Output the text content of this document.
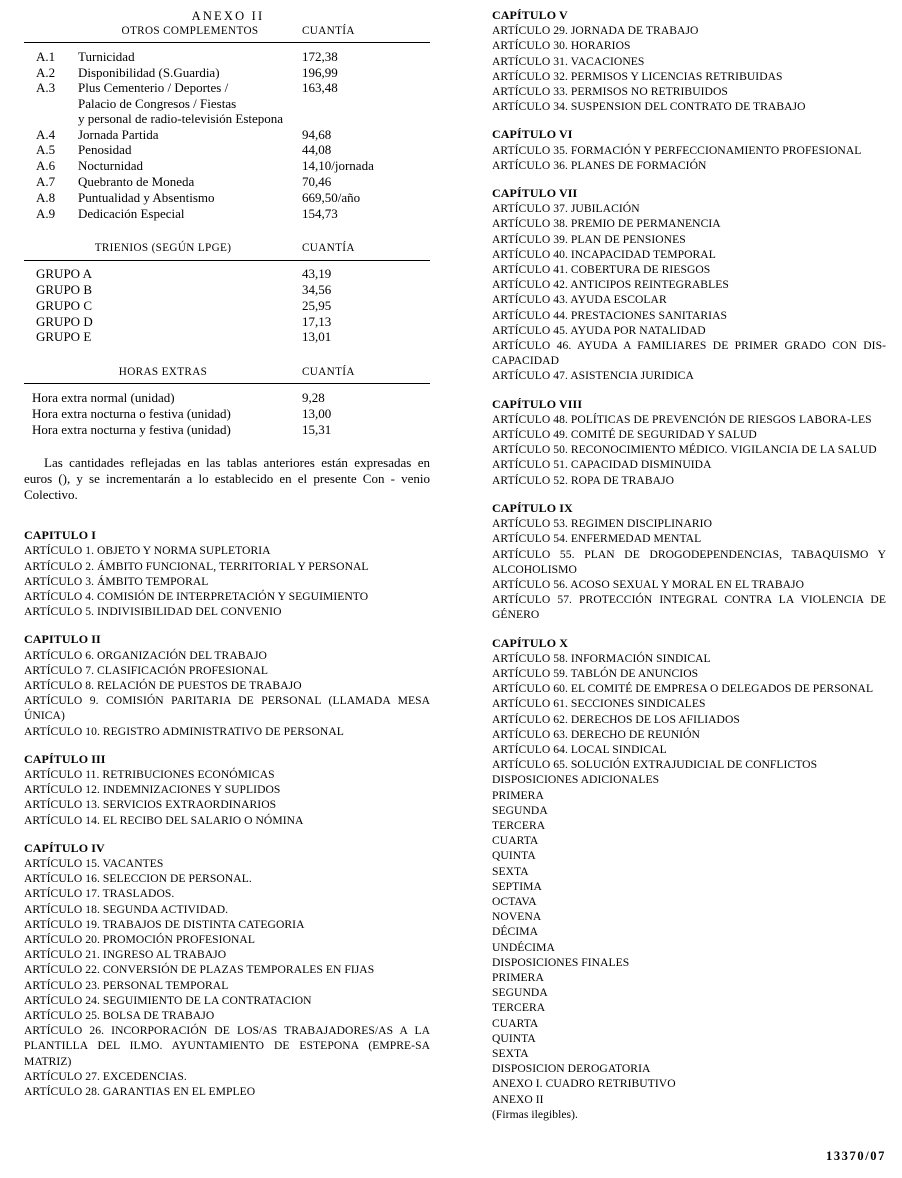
ANEXO II
	OTROS COMPLEMENTOS	CUANTÍA

A.1	Turnicidad	172,38
A.2	Disponibilidad (S.Guardia)	196,99
A.3	Plus Cementerio / Deportes /
Palacio de Congresos / Fiestas
y personal de radio-televisión Estepona	163,48
A.4	Jornada Partida	94,68
A.5	Penosidad	44,08
A.6	Nocturnidad	14,10/jornada
A.7	Quebranto de Moneda	70,46
A.8	Puntualidad y Absentismo	669,50/año
A.9	Dedicación Especial	154,73
TRIENIOS (SEGÚN LPGE)	CUANTÍA

GRUPO A	43,19
GRUPO B	34,56
GRUPO C	25,95
GRUPO D	17,13
GRUPO E	13,01
HORAS EXTRAS	CUANTÍA

Hora extra normal (unidad)	9,28
Hora extra nocturna o festiva (unidad)	13,00
Hora extra nocturna y festiva (unidad)	15,31

Las cantidades reflejadas en las tablas anteriores están expresadas en euros (), y se incrementarán a lo establecido en el presente Con - venio Colectivo.

CAPITULO I
ARTÍCULO 1. OBJETO Y NORMA SUPLETORIA
ARTÍCULO 2. ÁMBITO FUNCIONAL, TERRITORIAL Y PERSONAL
ARTÍCULO 3. ÁMBITO TEMPORAL
ARTÍCULO 4. COMISIÓN DE INTERPRETACIÓN Y SEGUIMIENTO
ARTÍCULO 5. INDIVISIBILIDAD DEL CONVENIO
CAPITULO II
ARTÍCULO 6. ORGANIZACIÓN DEL TRABAJO
ARTÍCULO 7. CLASIFICACIÓN PROFESIONAL
ARTÍCULO 8. RELACIÓN DE PUESTOS DE TRABAJO
ARTÍCULO 9. COMISIÓN PARITARIA DE PERSONAL (LLAMADA MESA ÚNICA)
ARTÍCULO 10. REGISTRO ADMINISTRATIVO DE PERSONAL
CAPÍTULO III
ARTÍCULO 11. RETRIBUCIONES ECONÓMICAS
ARTÍCULO 12. INDEMNIZACIONES Y SUPLIDOS
ARTÍCULO 13. SERVICIOS EXTRAORDINARIOS
ARTÍCULO 14. EL RECIBO DEL SALARIO O NÓMINA
CAPÍTULO IV
ARTÍCULO 15. VACANTES
ARTÍCULO 16. SELECCION DE PERSONAL.
ARTÍCULO 17. TRASLADOS.
ARTÍCULO 18. SEGUNDA ACTIVIDAD.
ARTÍCULO 19. TRABAJOS DE DISTINTA CATEGORIA
ARTÍCULO 20. PROMOCIÓN PROFESIONAL
ARTÍCULO 21. INGRESO AL TRABAJO
ARTÍCULO 22. CONVERSIÓN DE PLAZAS TEMPORALES EN FIJAS
ARTÍCULO 23. PERSONAL TEMPORAL
ARTÍCULO 24. SEGUIMIENTO DE LA CONTRATACION
ARTÍCULO 25. BOLSA DE TRABAJO
ARTÍCULO 26. INCORPORACIÓN DE LOS/AS TRABAJADORES/AS A LA PLANTILLA DEL ILMO. AYUNTAMIENTO DE ESTEPONA (EMPRE-SA MATRIZ)
ARTÍCULO 27. EXCEDENCIAS.
ARTÍCULO 28. GARANTIAS EN EL EMPLEO
CAPÍTULO V
ARTÍCULO 29. JORNADA DE TRABAJO
ARTÍCULO 30. HORARIOS
ARTÍCULO 31. VACACIONES
ARTÍCULO 32. PERMISOS Y LICENCIAS RETRIBUIDAS
ARTÍCULO 33. PERMISOS NO RETRIBUIDOS
ARTÍCULO 34. SUSPENSION DEL CONTRATO DE TRABAJO
CAPÍTULO VI
ARTÍCULO 35. FORMACIÓN Y PERFECCIONAMIENTO PROFESIONAL
ARTÍCULO 36. PLANES DE FORMACIÓN
CAPÍTULO VII
ARTÍCULO 37. JUBILACIÓN
ARTÍCULO 38. PREMIO DE PERMANENCIA
ARTÍCULO 39. PLAN DE PENSIONES
ARTÍCULO 40. INCAPACIDAD TEMPORAL
ARTÍCULO 41. COBERTURA DE RIESGOS
ARTÍCULO 42. ANTICIPOS REINTEGRABLES
ARTÍCULO 43. AYUDA ESCOLAR
ARTÍCULO 44. PRESTACIONES SANITARIAS
ARTÍCULO 45. AYUDA POR NATALIDAD
ARTÍCULO 46. AYUDA A FAMILIARES DE PRIMER GRADO CON DIS-CAPACIDAD
ARTÍCULO 47. ASISTENCIA JURIDICA
CAPÍTULO VIII
ARTÍCULO 48. POLÍTICAS DE PREVENCIÓN DE RIESGOS LABORA-LES
ARTÍCULO 49. COMITÉ DE SEGURIDAD Y SALUD
ARTÍCULO 50. RECONOCIMIENTO MÉDICO. VIGILANCIA DE LA SALUD
ARTÍCULO 51. CAPACIDAD DISMINUIDA
ARTÍCULO 52. ROPA DE TRABAJO
CAPÍTULO IX
ARTÍCULO 53. REGIMEN DISCIPLINARIO
ARTÍCULO 54. ENFERMEDAD MENTAL
ARTÍCULO 55. PLAN DE DROGODEPENDENCIAS, TABAQUISMO Y ALCOHOLISMO
ARTÍCULO 56. ACOSO SEXUAL Y MORAL EN EL TRABAJO
ARTÍCULO 57. PROTECCIÓN INTEGRAL CONTRA LA VIOLENCIA DE GÉNERO
CAPÍTULO X
ARTÍCULO 58. INFORMACIÓN SINDICAL
ARTÍCULO 59. TABLÓN DE ANUNCIOS
ARTÍCULO 60. EL COMITÉ DE EMPRESA O DELEGADOS DE PERSONAL
ARTÍCULO 61. SECCIONES SINDICALES
ARTÍCULO 62. DERECHOS DE LOS AFILIADOS
ARTÍCULO 63. DERECHO DE REUNIÓN
ARTÍCULO 64. LOCAL SINDICAL
ARTÍCULO 65. SOLUCIÓN EXTRAJUDICIAL DE CONFLICTOS
DISPOSICIONES ADICIONALES
PRIMERA
SEGUNDA
TERCERA
CUARTA
QUINTA
SEXTA
SEPTIMA
OCTAVA
NOVENA
DÉCIMA
UNDÉCIMA
DISPOSICIONES FINALES
PRIMERA
SEGUNDA
TERCERA
CUARTA
QUINTA
SEXTA
DISPOSICION DEROGATORIA
ANEXO I. CUADRO RETRIBUTIVO
ANEXO II
(Firmas ilegibles).
13370/07
